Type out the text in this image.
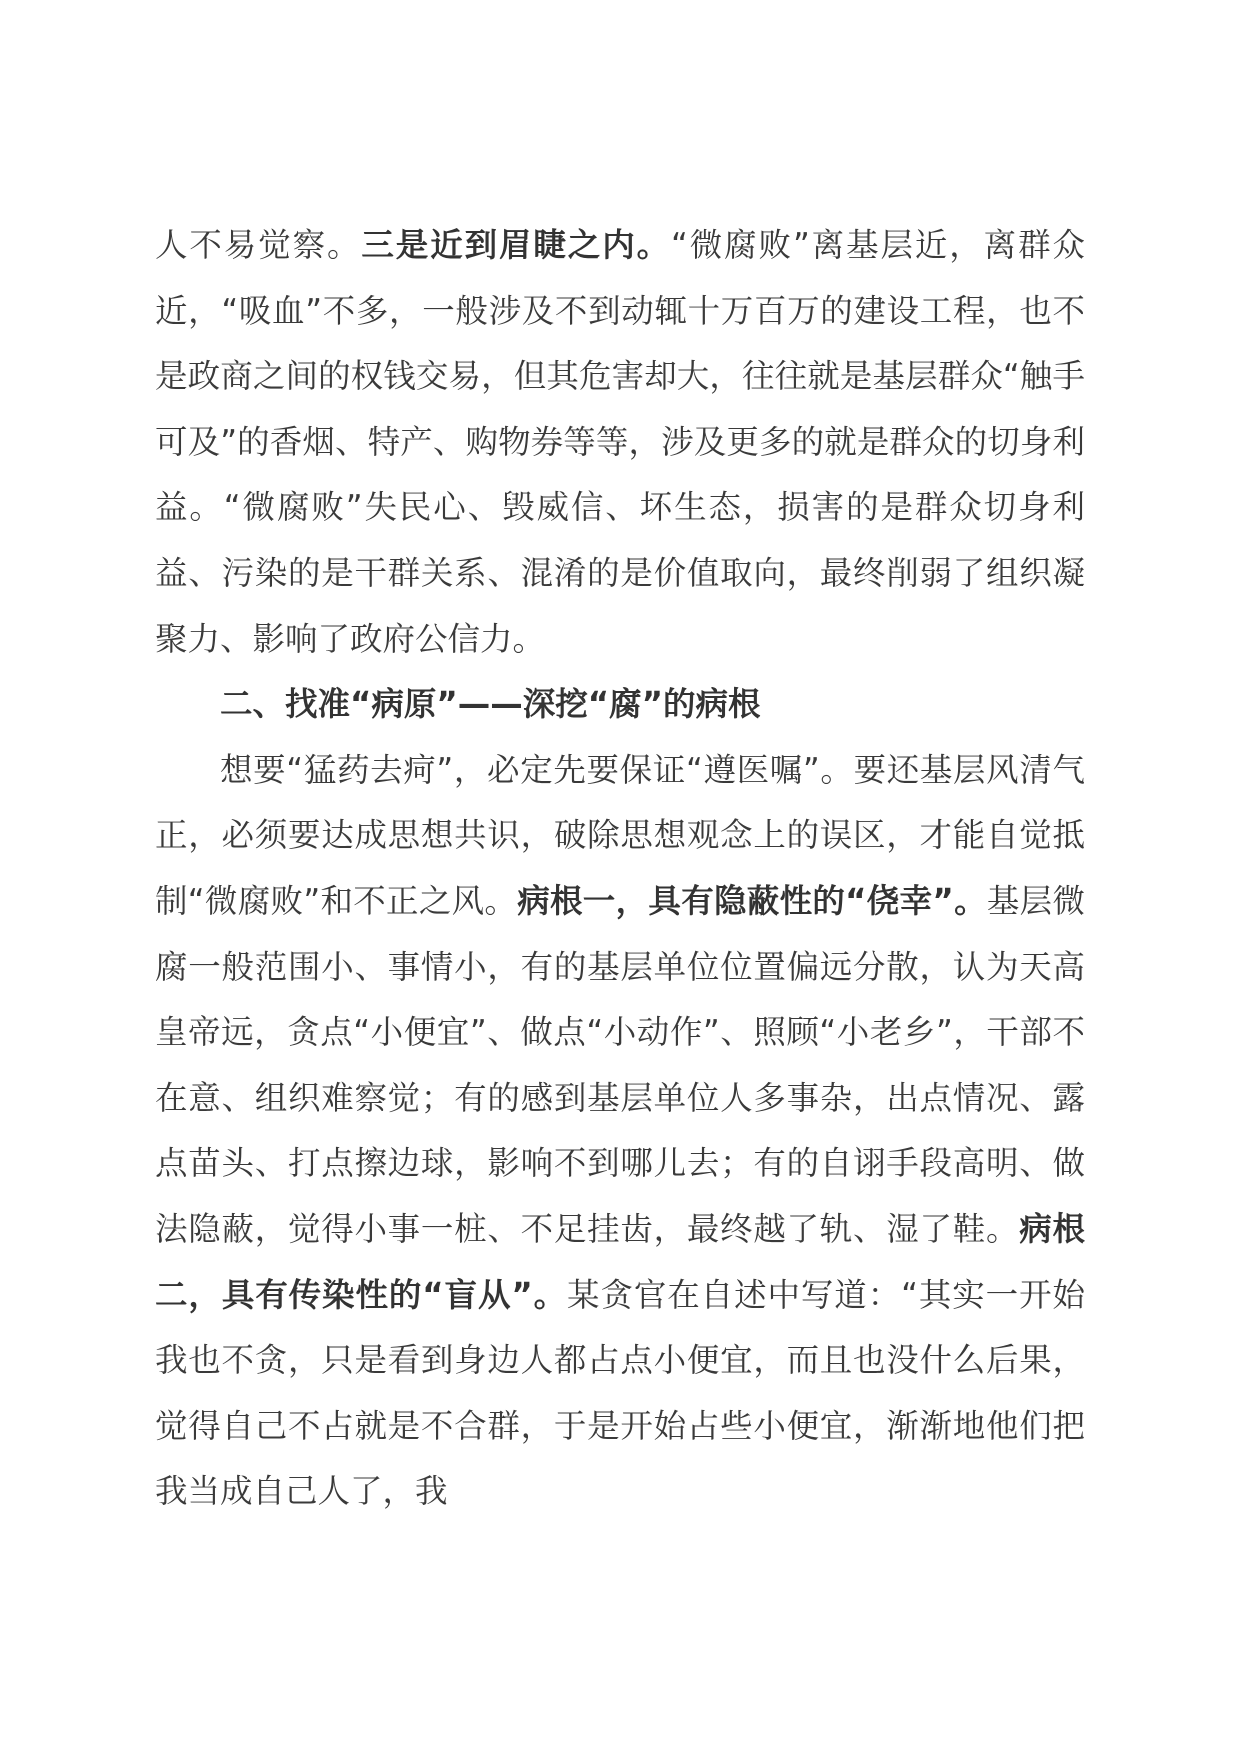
人不易觉察。三是近到眉睫之内。“微腐败”离基层近，离群众近，“吸血”不多，一般涉及不到动辄十万百万的建设工程，也不是政商之间的权钱交易，但其危害却大，往往就是基层群众“触手可及”的香烟、特产、购物券等等，涉及更多的就是群众的切身利益。“微腐败”失民心、毁威信、坏生态，损害的是群众切身利益、污染的是干群关系、混淆的是价值取向，最终削弱了组织凝聚力、影响了政府公信力。

二、找准“病原”——深挖“腐”的病根

想要“猛药去疴”，必定先要保证“遵医嘱”。要还基层风清气正，必须要达成思想共识，破除思想观念上的误区，才能自觉抵制“微腐败”和不正之风。病根一，具有隐蔽性的“侥幸”。基层微腐一般范围小、事情小，有的基层单位位置偏远分散，认为天高皇帝远，贪点“小便宜”、做点“小动作”、照顾“小老乡”，干部不在意、组织难察觉；有的感到基层单位人多事杂，出点情况、露点苗头、打点擦边球，影响不到哪儿去；有的自诩手段高明、做法隐蔽，觉得小事一桩、不足挂齿，最终越了轨、湿了鞋。病根二，具有传染性的“盲从”。某贪官在自述中写道：“其实一开始我也不贪，只是看到身边人都占点小便宜，而且也没什么后果，觉得自己不占就是不合群，于是开始占些小便宜，渐渐地他们把我当成自己人了，我
